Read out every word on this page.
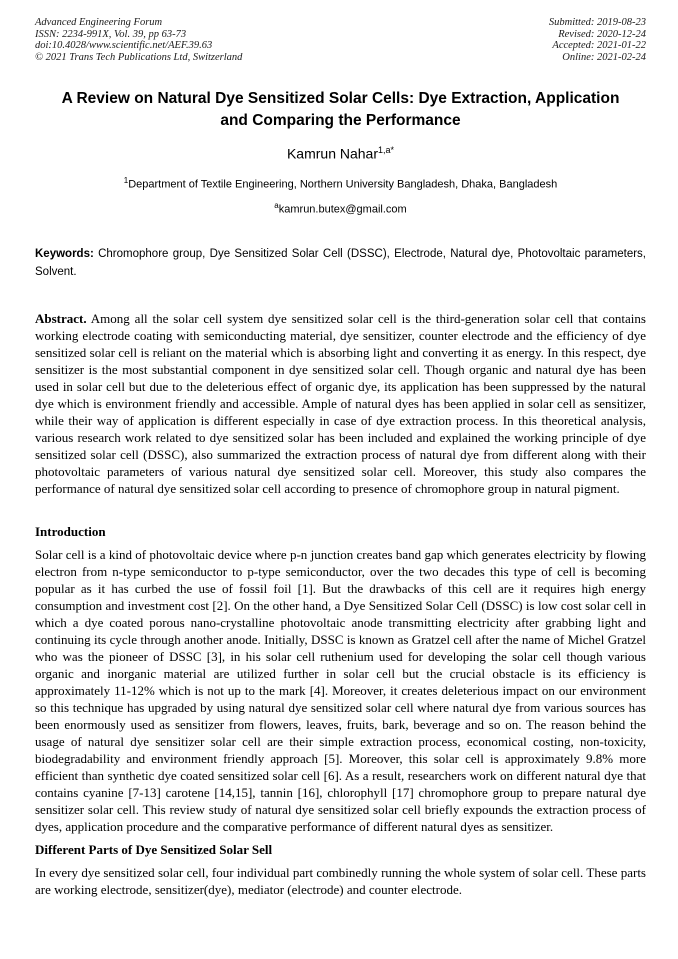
Advanced Engineering Forum
ISSN: 2234-991X, Vol. 39, pp 63-73
doi:10.4028/www.scientific.net/AEF.39.63
© 2021 Trans Tech Publications Ltd, Switzerland
Submitted: 2019-08-23
Revised: 2020-12-24
Accepted: 2021-01-22
Online: 2021-02-24
A Review on Natural Dye Sensitized Solar Cells: Dye Extraction, Application and Comparing the Performance
Kamrun Nahar$^{1,a*}$
$^1$Department of Textile Engineering, Northern University Bangladesh, Dhaka, Bangladesh
$^a$kamrun.butex@gmail.com

Keywords: Chromophore group, Dye Sensitized Solar Cell (DSSC), Electrode, Natural dye, Photovoltaic parameters, Solvent.

Abstract. Among all the solar cell system dye sensitized solar cell is the third-generation solar cell that contains working electrode coating with semiconducting material, dye sensitizer, counter electrode and the efficiency of dye sensitized solar cell is reliant on the material which is absorbing light and converting it as energy. In this respect, dye sensitizer is the most substantial component in dye sensitized solar cell. Though organic and natural dye has been used in solar cell but due to the deleterious effect of organic dye, its application has been suppressed by the natural dye which is environment friendly and accessible. Ample of natural dyes has been applied in solar cell as sensitizer, while their way of application is different especially in case of dye extraction process. In this theoretical analysis, various research work related to dye sensitized solar has been included and explained the working principle of dye sensitized solar cell (DSSC), also summarized the extraction process of natural dye from different along with their photovoltaic parameters of various natural dye sensitized solar cell. Moreover, this study also compares the performance of natural dye sensitized solar cell according to presence of chromophore group in natural pigment.

Introduction

Solar cell is a kind of photovoltaic device where p-n junction creates band gap which generates electricity by flowing electron from n-type semiconductor to p-type semiconductor, over the two decades this type of cell is becoming popular as it has curbed the use of fossil foil [1]. But the drawbacks of this cell are it requires high energy consumption and investment cost [2]. On the other hand, a Dye Sensitized Solar Cell (DSSC) is low cost solar cell in which a dye coated porous nano-crystalline photovoltaic anode transmitting electricity after grabbing light and continuing its cycle through another anode. Initially, DSSC is known as Gratzel cell after the name of Michel Gratzel who was the pioneer of DSSC [3], in his solar cell ruthenium used for developing the solar cell though various organic and inorganic material are utilized further in solar cell but the crucial obstacle is its efficiency is approximately 11-12% which is not up to the mark [4]. Moreover, it creates deleterious impact on our environment so this technique has upgraded by using natural dye sensitized solar cell where natural dye from various sources has been enormously used as sensitizer from flowers, leaves, fruits, bark, beverage and so on. The reason behind the usage of natural dye sensitizer solar cell are their simple extraction process, economical costing, non-toxicity, biodegradability and environment friendly approach [5]. Moreover, this solar cell is approximately 9.8% more efficient than synthetic dye coated sensitized solar cell [6]. As a result, researchers work on different natural dye that contains cyanine [7-13] carotene [14,15], tannin [16], chlorophyll [17] chromophore group to prepare natural dye sensitizer solar cell. This review study of natural dye sensitized solar cell briefly expounds the extraction process of dyes, application procedure and the comparative performance of different natural dyes as sensitizer.

Different Parts of Dye Sensitized Solar Sell

In every dye sensitized solar cell, four individual part combinedly running the whole system of solar cell. These parts are working electrode, sensitizer(dye), mediator (electrode) and counter electrode.
